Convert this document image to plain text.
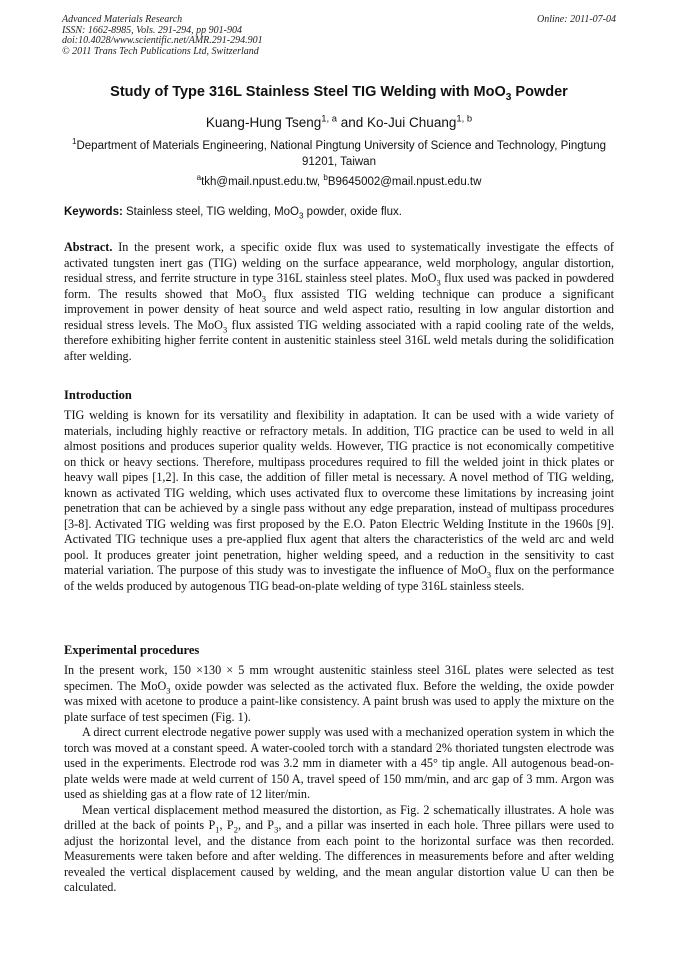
Advanced Materials Research
ISSN: 1662-8985, Vols. 291-294, pp 901-904
doi:10.4028/www.scientific.net/AMR.291-294.901
© 2011 Trans Tech Publications Ltd, Switzerland
Online: 2011-07-04
Study of Type 316L Stainless Steel TIG Welding with MoO$_3$ Powder
Kuang-Hung Tseng$^{1, a}$ and Ko-Jui Chuang$^{1, b}$
$^1$Department of Materials Engineering, National Pingtung University of Science and Technology, Pingtung 91201, Taiwan
$^a$tkh@mail.npust.edu.tw, $^b$B9645002@mail.npust.edu.tw
Keywords: Stainless steel, TIG welding, MoO$_3$ powder, oxide flux.

Abstract. In the present work, a specific oxide flux was used to systematically investigate the effects of activated tungsten inert gas (TIG) welding on the surface appearance, weld morphology, angular distortion, residual stress, and ferrite structure in type 316L stainless steel plates. MoO$_3$ flux used was packed in powdered form. The results showed that MoO$_3$ flux assisted TIG welding technique can produce a significant improvement in power density of heat source and weld aspect ratio, resulting in low angular distortion and residual stress levels. The MoO$_3$ flux assisted TIG welding associated with a rapid cooling rate of the welds, therefore exhibiting higher ferrite content in austenitic stainless steel 316L weld metals during the solidification after welding.

Introduction

TIG welding is known for its versatility and flexibility in adaptation. It can be used with a wide variety of materials, including highly reactive or refractory metals. In addition, TIG practice can be used to weld in all almost positions and produces superior quality welds. However, TIG practice is not economically competitive on thick or heavy sections. Therefore, multipass procedures required to fill the welded joint in thick plates or heavy wall pipes [1,2]. In this case, the addition of filler metal is necessary. A novel method of TIG welding, known as activated TIG welding, which uses activated flux to overcome these limitations by increasing joint penetration that can be achieved by a single pass without any edge preparation, instead of multipass procedures [3-8]. Activated TIG welding was first proposed by the E.O. Paton Electric Welding Institute in the 1960s [9]. Activated TIG technique uses a pre-applied flux agent that alters the characteristics of the weld arc and weld pool. It produces greater joint penetration, higher welding speed, and a reduction in the sensitivity to cast material variation. The purpose of this study was to investigate the influence of MoO$_3$ flux on the performance of the welds produced by autogenous TIG bead-on-plate welding of type 316L stainless steels.

Experimental procedures

In the present work, 150 ×130 × 5 mm wrought austenitic stainless steel 316L plates were selected as test specimen. The MoO$_3$ oxide powder was selected as the activated flux. Before the welding, the oxide powder was mixed with acetone to produce a paint-like consistency. A paint brush was used to apply the mixture on the plate surface of test specimen (Fig. 1).

A direct current electrode negative power supply was used with a mechanized operation system in which the torch was moved at a constant speed. A water-cooled torch with a standard 2% thoriated tungsten electrode was used in the experiments. Electrode rod was 3.2 mm in diameter with a 45° tip angle. All autogenous bead-on-plate welds were made at weld current of 150 A, travel speed of 150 mm/min, and arc gap of 3 mm. Argon was used as shielding gas at a flow rate of 12 liter/min.

Mean vertical displacement method measured the distortion, as Fig. 2 schematically illustrates. A hole was drilled at the back of points $P_1$, $P_2$, and $P_3$, and a pillar was inserted in each hole. Three pillars were used to adjust the horizontal level, and the distance from each point to the horizontal surface was then recorded. Measurements were taken before and after welding. The differences in measurements before and after welding revealed the vertical displacement caused by welding, and the mean angular distortion value U can then be calculated.
